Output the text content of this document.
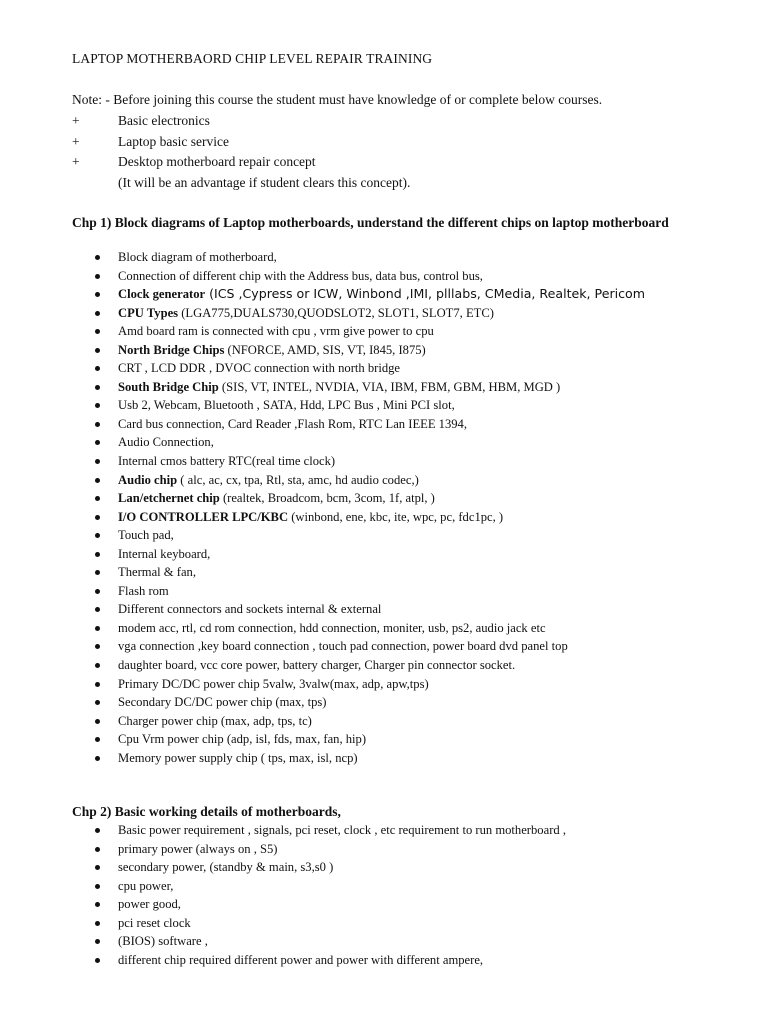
LAPTOP MOTHERBAORD CHIP LEVEL REPAIR TRAINING
Note: - Before joining this course the student must have knowledge of or complete below courses.
+	Basic electronics
+	Laptop basic service
+	Desktop motherboard repair concept
(It will be an advantage if student clears this concept).
Chp 1) Block diagrams of Laptop motherboards, understand the different chips on laptop motherboard
Block diagram of motherboard,
Connection of different chip with the Address bus, data bus, control bus,
Clock generator (ICS ,Cypress or ICW, Winbond ,IMI, plllabs, CMedia, Realtek, Pericom
CPU Types (LGA775,DUALS730,QUODSLOT2, SLOT1, SLOT7, ETC)
Amd board ram is connected with cpu , vrm give power to cpu
North Bridge Chips (NFORCE, AMD, SIS, VT, I845, I875)
CRT , LCD DDR , DVOC connection with north bridge
South Bridge Chip (SIS, VT, INTEL, NVDIA, VIA, IBM, FBM, GBM, HBM, MGD )
Usb 2, Webcam, Bluetooth , SATA, Hdd, LPC Bus , Mini PCI slot,
Card bus connection, Card Reader ,Flash Rom, RTC Lan IEEE 1394,
Audio Connection,
Internal cmos battery RTC(real time clock)
Audio chip ( alc, ac, cx, tpa, Rtl, sta, amc, hd audio codec,)
Lan/etchernet chip (realtek, Broadcom, bcm, 3com, 1f, atpl, )
I/O CONTROLLER LPC/KBC (winbond, ene, kbc, ite, wpc, pc, fdc1pc, )
Touch pad,
Internal keyboard,
Thermal & fan,
Flash rom
Different connectors and sockets internal & external
modem acc, rtl, cd rom connection, hdd connection, moniter, usb, ps2, audio jack etc
vga connection ,key board connection , touch pad connection, power board dvd panel top
daughter board, vcc core power, battery charger, Charger pin connector socket.
Primary DC/DC power chip 5valw, 3valw(max, adp, apw,tps)
Secondary DC/DC power chip (max, tps)
Charger power chip (max, adp, tps, tc)
Cpu Vrm power chip (adp, isl, fds, max, fan, hip)
Memory power supply chip ( tps, max, isl, ncp)
Chp 2) Basic working details of motherboards,
Basic power requirement , signals, pci reset, clock , etc requirement to run motherboard ,
primary power (always on , S5)
secondary power, (standby & main, s3,s0 )
cpu power,
power good,
pci reset clock
(BIOS) software ,
different chip required different power and power with different ampere,
